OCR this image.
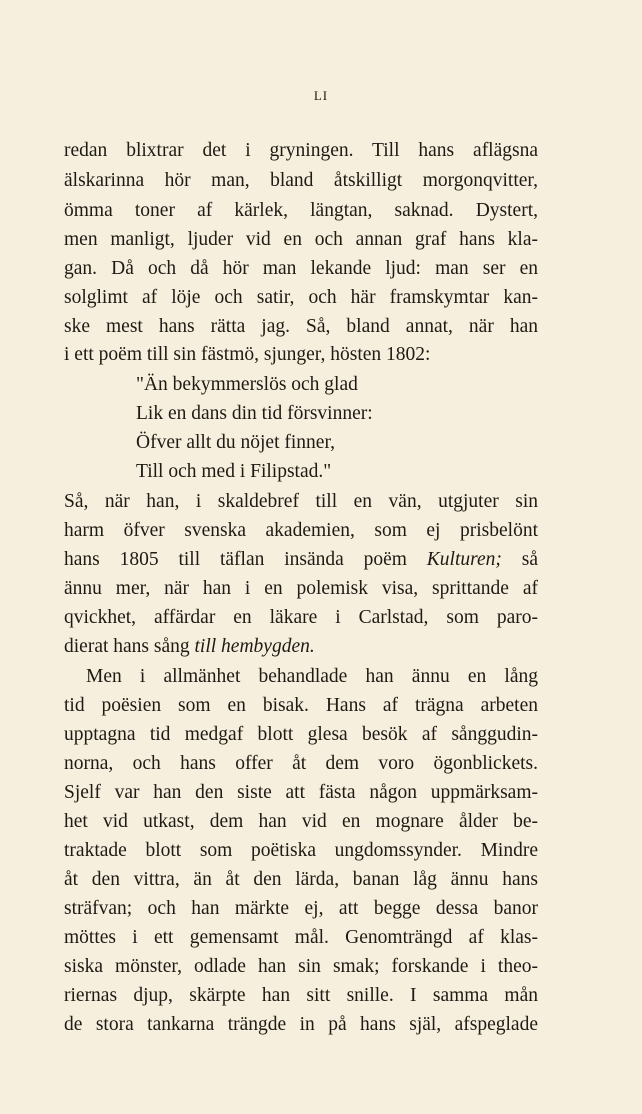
LI
redan blixtrar det i gryningen. Till hans aflägsna
älskarinna hör man, bland åtskilligt morgonqvitter,
ömma toner af kärlek, längtan, saknad. Dystert,
men manligt, ljuder vid en och annan graf hans kla-
gan. Då och då hör man lekande ljud: man ser en
solglimt af löje och satir, och här framskymtar kan-
ske mest hans rätta jag. Så, bland annat, när han
i ett poëm till sin fästmö, sjunger, hösten 1802:
"Än bekymmerslös och glad
Lik en dans din tid försvinner:
Öfver allt du nöjet finner,
Till och med i Filipstad."
Så, när han, i skaldebref till en vän, utgjuter sin
harm öfver svenska akademien, som ej prisbelönt
hans 1805 till täflan insända poëm Kulturen; så
ännu mer, när han i en polemisk visa, sprittande af
qvickhet, affärdar en läkare i Carlstad, som paro-
dierat hans sång till hembygden.
Men i allmänhet behandlade han ännu en lång
tid poësien som en bisak. Hans af trägna arbeten
upptagna tid medgaf blott glesa besök af sånggudin-
norna, och hans offer åt dem voro ögonblickets.
Sjelf var han den siste att fästa någon uppmärksam-
het vid utkast, dem han vid en mognare ålder be-
traktade blott som poëtiska ungdomssynder. Mindre
åt den vittra, än åt den lärda, banan låg ännu hans
sträfvan; och han märkte ej, att begge dessa banor
möttes i ett gemensamt mål. Genomträngd af klas-
siska mönster, odlade han sin smak; forskande i theo-
riernas djup, skärpte han sitt snille. I samma mån
de stora tankarna trängde in på hans själ, afspeglade
